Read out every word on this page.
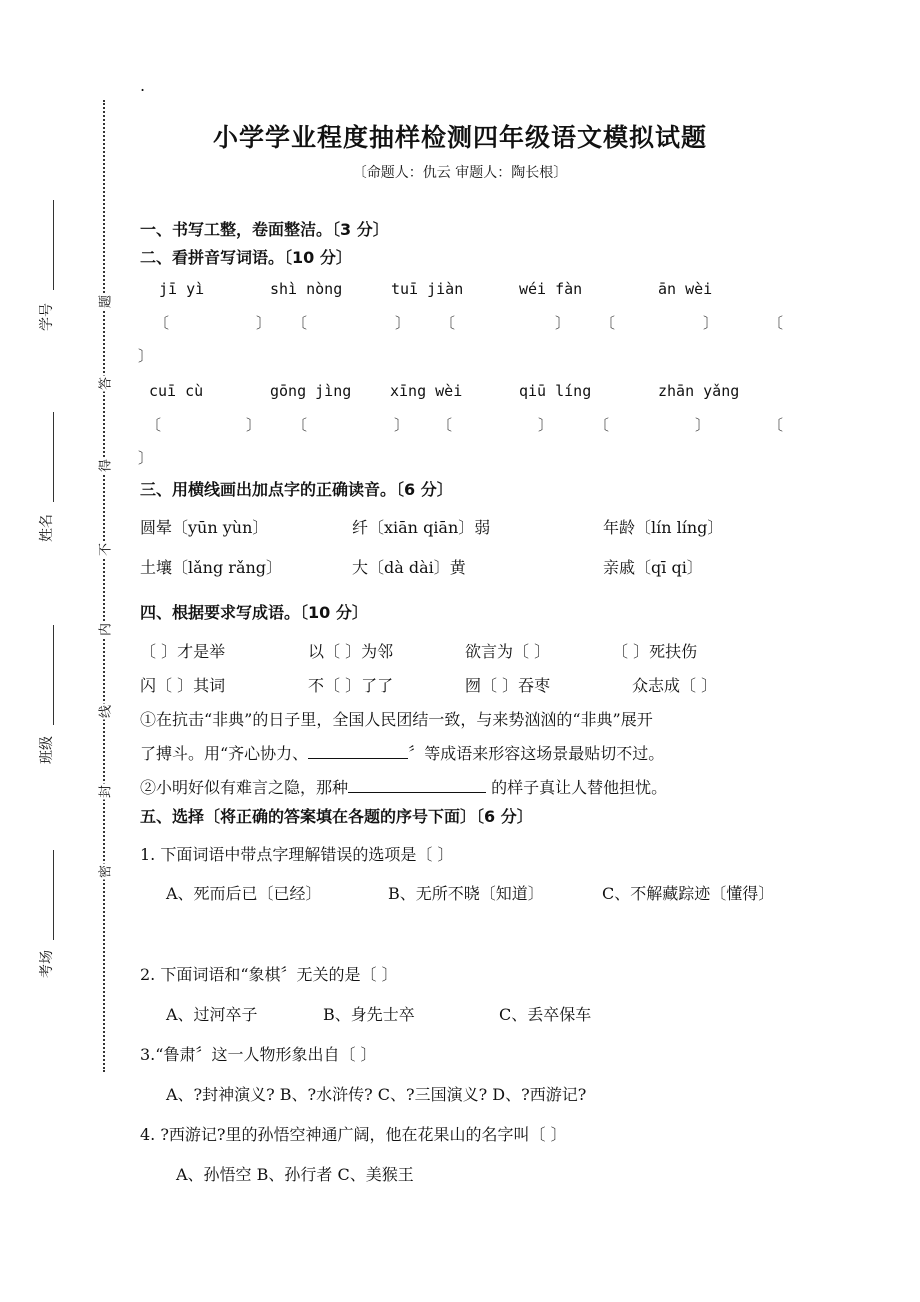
学号
姓名
班级
考场
题
答
得
不
内
线
封
密
.
小学学业程度抽样检测四年级语文模拟试题
〔命题人：仇云 审题人：陶长根〕
一、书写工整，卷面整洁。〔3 分〕
二、看拼音写词语。〔10 分〕
jī yì	shì nòng	tuī jiàn	wéi fàn	ān wèi
〔	〕 〔	〕 〔	〕 〔	〕	〔
〕
cuī cù	gōng jìng	xīng wèi	qiū líng	zhān yǎng
〔	〕 〔	〕 〔	〕	〔	〕	〔
〕
三、用横线画出加点字的正确读音。〔6 分〕
圆晕〔yūn yùn〕	纤〔xiān qiān〕弱	年龄〔lín líng〕
土壤〔lǎng rǎng〕	大〔dà dài〕黄	亲戚〔qī qi〕
四、根据要求写成语。〔10 分〕
〔 〕才是举	以〔 〕为邻	欲言为〔 〕	〔 〕死扶伤
闪〔 〕其词	不〔 〕了了	囫〔 〕吞枣	众志成〔 〕
①在抗击“非典”的日子里，全国人民团结一致，与来势汹汹的“非典”展开
了搏斗。用“齐心协力、	〞等成语来形容这场景最贴切不过。
②小明好似有难言之隐，那种	的样子真让人替他担忧。
五、选择〔将正确的答案填在各题的序号下面〕〔6 分〕
1. 下面词语中带点字理解错误的选项是〔 〕
A、死而后已〔已经〕	B、无所不晓〔知道〕	C、不解藏踪迹〔懂得〕
2. 下面词语和“象棋〞无关的是〔 〕
A、过河卒子	B、身先士卒	C、丢卒保车
3.“鲁肃〞这一人物形象出自〔 〕
A、?封神演义? B、?水浒传? C、?三国演义? D、?西游记?
4. ?西游记?里的孙悟空神通广阔，他在花果山的名字叫〔 〕
A、孙悟空 B、孙行者 C、美猴王
